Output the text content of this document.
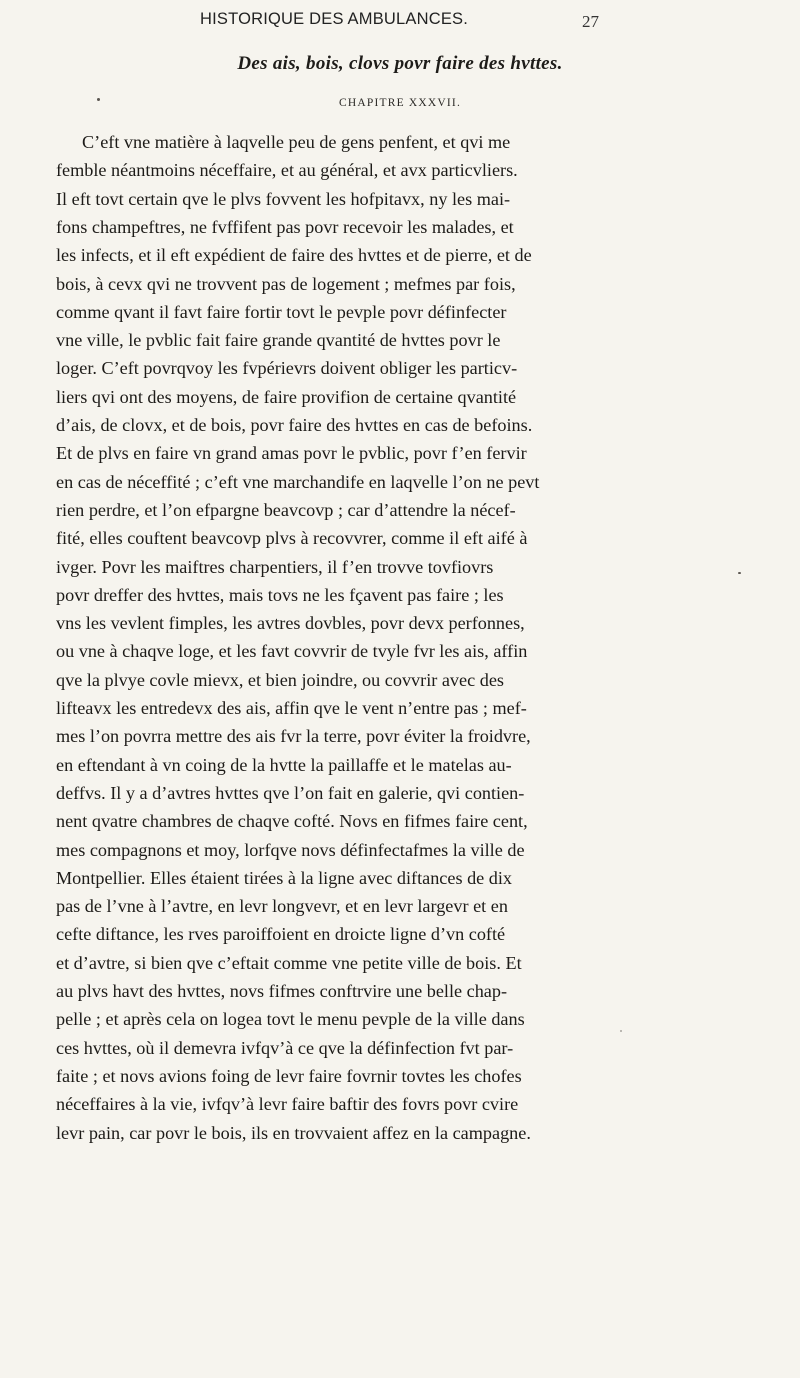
HISTORIQUE DES AMBULANCES.	27
Des ais, bois, clovs povr faire des hvttes.
CHAPITRE XXXVII.
C’eft vne matière à laqvelle peu de gens penfent, et qvi me
femble néantmoins néceffaire, et au général, et avx particvliers.
Il eft tovt certain qve le plvs fovvent les hofpitavx, ny les mai-
fons champeftres, ne fvffifent pas povr recevoir les malades, et
les infects, et il eft expédient de faire des hvttes et de pierre, et de
bois, à cevx qvi ne trovvent pas de logement ; mefmes par fois,
comme qvant il favt faire fortir tovt le pevple povr définfecter
vne ville, le pvblic fait faire grande qvantité de hvttes povr le
loger. C’eft povrqvoy les fvpérievrs doivent obliger les particv-
liers qvi ont des moyens, de faire provifion de certaine qvantité
d’ais, de clovx, et de bois, povr faire des hvttes en cas de befoins.
Et de plvs en faire vn grand amas povr le pvblic, povr f’en fervir
en cas de néceffité ; c’eft vne marchandife en laqvelle l’on ne pevt
rien perdre, et l’on efpargne beavcovp ; car d’attendre la nécef-
fité, elles couftent beavcovp plvs à recovvrer, comme il eft aifé à
ivger. Povr les maiftres charpentiers, il f’en trovve tovfiovrs
povr dreffer des hvttes, mais tovs ne les fçavent pas faire ; les
vns les vevlent fimples, les avtres dovbles, povr devx perfonnes,
ou vne à chaqve loge, et les favt covvrir de tvyle fvr les ais, affin
qve la plvye covle mievx, et bien joindre, ou covvrir avec des
lifteavx les entredevx des ais, affin qve le vent n’entre pas ; mef-
mes l’on povrra mettre des ais fvr la terre, povr éviter la froidvre,
en eftendant à vn coing de la hvtte la paillaffe et le matelas au-
deffvs. Il y a d’avtres hvttes qve l’on fait en galerie, qvi contien-
nent qvatre chambres de chaqve cofté. Novs en fifmes faire cent,
mes compagnons et moy, lorfqve novs définfectafmes la ville de
Montpellier. Elles étaient tirées à la ligne avec diftances de dix
pas de l’vne à l’avtre, en levr longvevr, et en levr largevr et en
cefte diftance, les rves paroiffoient en droicte ligne d’vn cofté
et d’avtre, si bien qve c’eftait comme vne petite ville de bois. Et
au plvs havt des hvttes, novs fifmes conftrvire une belle chap-
pelle ; et après cela on logea tovt le menu pevple de la ville dans
ces hvttes, où il demevra ivfqv’à ce qve la définfection fvt par-
faite ; et novs avions foing de levr faire fovrnir tovtes les chofes
néceffaires à la vie, ivfqv’à levr faire baftir des fovrs povr cvire
levr pain, car povr le bois, ils en trovvaient affez en la campagne.
